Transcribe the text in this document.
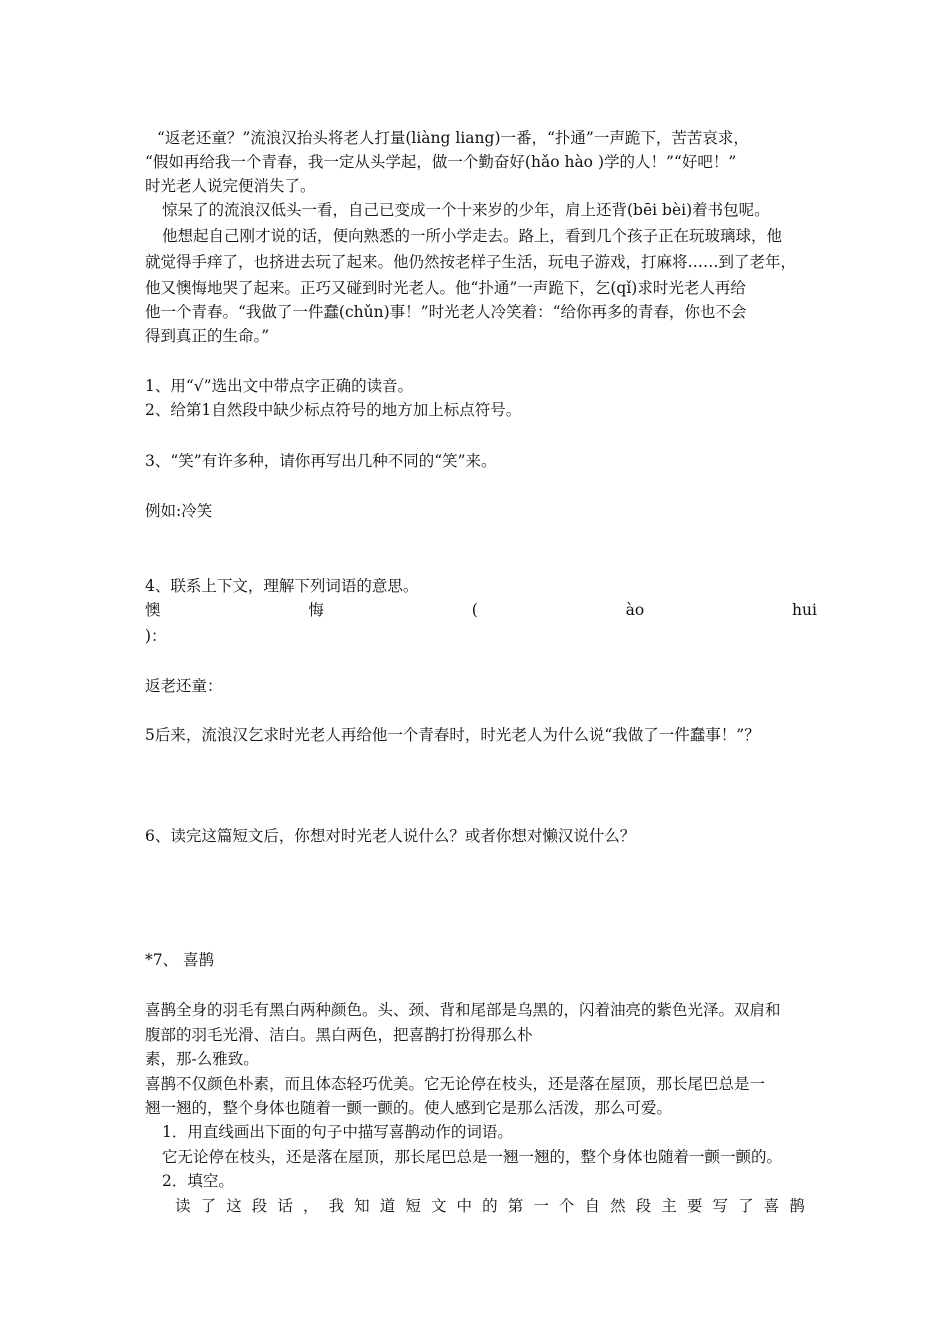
“返老还童？”流浪汉抬头将老人打量(liàng liang)一番，“扑通”一声跪下，苦苦哀求，
“假如再给我一个青春，我一定从头学起，做一个勤奋好(hǎo hào )学的人！”“好吧！”
时光老人说完便消失了。
惊呆了的流浪汉低头一看，自己已变成一个十来岁的少年，肩上还背(bēi bèi)着书包呢。
他想起自己刚才说的话，便向熟悉的一所小学走去。路上，看到几个孩子正在玩玻璃球，他
就觉得手痒了，也挤进去玩了起来。他仍然按老样子生活，玩电子游戏，打麻将……到了老年，
他又懊悔地哭了起来。正巧又碰到时光老人。他“扑通”一声跪下，乞(qǐ)求时光老人再给
他一个青春。“我做了一件蠢(chǔn)事！”时光老人冷笑着：“给你再多的青春，你也不会
得到真正的生命。”
1、用“√”选出文中带点字正确的读音。
2、给第1自然段中缺少标点符号的地方加上标点符号。
3、“笑”有许多种，请你再写出几种不同的“笑”来。
例如:冷笑
4、联系上下文，理解下列词语的意思。
懊	悔	(	ào	hui
)：
返老还童：
5后来，流浪汉乞求时光老人再给他一个青春时，时光老人为什么说“我做了一件蠢事！”？
6、读完这篇短文后，你想对时光老人说什么？或者你想对懒汉说什么？
*7、 喜鹊
喜鹊全身的羽毛有黑白两种颜色。头、颈、背和尾部是乌黑的，闪着油亮的紫色光泽。双肩和
腹部的羽毛光滑、洁白。黑白两色，把喜鹊打扮得那么朴
素，那-么雅致。
喜鹊不仅颜色朴素，而且体态轻巧优美。它无论停在枝头，还是落在屋顶，那长尾巴总是一
翘一翘的，整个身体也随着一颤一颤的。使人感到它是那么活泼，那么可爱。
1．用直线画出下面的句子中描写喜鹊动作的词语。
它无论停在枝头，还是落在屋顶，那长尾巴总是一翘一翘的，整个身体也随着一颤一颤的。
2．填空。
读 了 这 段 话 ， 我 知 道 短 文 中 的 第 一 个 自 然 段 主 要 写 了 喜 鹊
